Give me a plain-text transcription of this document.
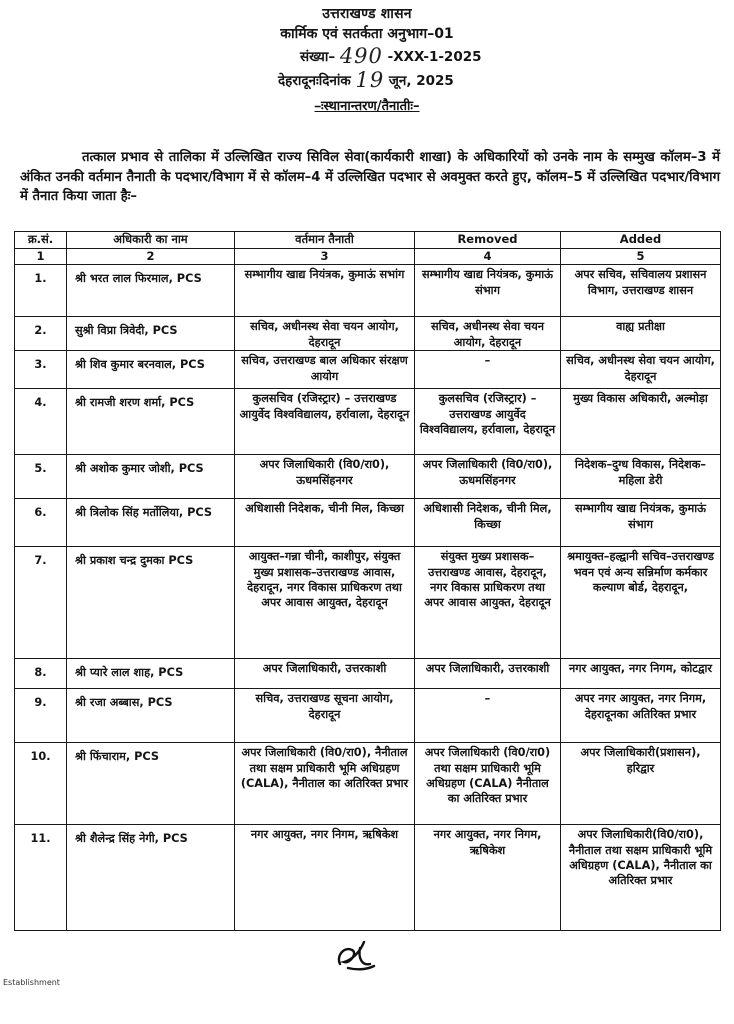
उत्तराखण्ड शासन
कार्मिक एवं सतर्कता अनुभाग–01
संख्या– 490 -XXX-1-2025
देहरादूनःदिनांक 19 जून, 2025
–ःस्थानान्तरण/तैनातीः–
तत्काल प्रभाव से तालिका में उल्लिखित राज्य सिविल सेवा(कार्यकारी शाखा) के अधिकारियों को उनके नाम के सम्मुख कॉलम–3 में अंकित उनकी वर्तमान तैनाती के पदभार/विभाग में से कॉलम–4 में उल्लिखित पदभार से अवमुक्त करते हुए, कॉलम–5 में उल्लिखित पदभार/विभाग में तैनात किया जाता हैः–
क्र.सं.	अधिकारी का नाम	वर्तमान तैनाती	Removed	Added
1	2	3	4	5
1.	श्री भरत लाल फिरमाल, PCS	सम्भागीय खाद्य नियंत्रक, कुमाऊं सभांग	सम्भागीय खाद्य नियंत्रक, कुमाऊं संभाग	अपर सचिव, सचिवालय प्रशासन विभाग, उत्तराखण्ड शासन
2.	सुश्री विप्रा त्रिवेदी, PCS	सचिव, अधीनस्थ सेवा चयन आयोग, देहरादून	सचिव, अधीनस्थ सेवा चयन आयोग, देहरादून	वाह्य प्रतीक्षा
3.	श्री शिव कुमार बरनवाल, PCS	सचिव, उत्तराखण्ड बाल अधिकार संरक्षण आयोग	–	सचिव, अधीनस्थ सेवा चयन आयोग, देहरादून
4.	श्री रामजी शरण शर्मा, PCS	कुलसचिव (रजिस्ट्रार) – उत्तराखण्ड आयुर्वेद विश्वविद्यालय, हर्रावाला, देहरादून	कुलसचिव (रजिस्ट्रार) – उत्तराखण्ड आयुर्वेद विश्वविद्यालय, हर्रावाला, देहरादून	मुख्य विकास अधिकारी, अल्मोड़ा
5.	श्री अशोक कुमार जोशी, PCS	अपर जिलाधिकारी (वि0/रा0), ऊधमसिंहनगर	अपर जिलाधिकारी (वि0/रा0), ऊधमसिंहनगर	निदेशक–दुग्ध विकास, निदेशक–महिला डेरी
6.	श्री त्रिलोक सिंह मर्तोलिया, PCS	अधिशासी निदेशक, चीनी मिल, किच्छा	अधिशासी निदेशक, चीनी मिल, किच्छा	सम्भागीय खाद्य नियंत्रक, कुमाऊं संभाग
7.	श्री प्रकाश चन्द्र दुमका PCS	आयुक्त–गन्ना चीनी, काशीपुर, संयुक्त मुख्य प्रशासक–उत्तराखण्ड आवास, देहरादून, नगर विकास प्राधिकरण तथा अपर आवास आयुक्त, देहरादून	संयुक्त मुख्य प्रशासक– उत्तराखण्ड आवास, देहरादून, नगर विकास प्राधिकरण तथा अपर आवास आयुक्त, देहरादून	श्रमायुक्त–हल्द्वानी सचिव–उत्तराखण्ड भवन एवं अन्य सन्निर्माण कर्मकार कल्याण बोर्ड, देहरादून,
8.	श्री प्यारे लाल शाह, PCS	अपर जिलाधिकारी, उत्तरकाशी	अपर जिलाधिकारी, उत्तरकाशी	नगर आयुक्त, नगर निगम, कोटद्वार
9.	श्री रजा अब्बास, PCS	सचिव, उत्तराखण्ड सूचना आयोग, देहरादून	–	अपर नगर आयुक्त, नगर निगम, देहरादूनका अतिरिक्त प्रभार
10.	श्री फिंचाराम, PCS	अपर जिलाधिकारी (वि0/रा0), नैनीताल तथा सक्षम प्राधिकारी भूमि अधिग्रहण (CALA), नैनीताल का अतिरिक्त प्रभार	अपर जिलाधिकारी (वि0/रा0) तथा सक्षम प्राधिकारी भूमि अधिग्रहण (CALA) नैनीताल का अतिरिक्त प्रभार	अपर जिलाधिकारी(प्रशासन), हरिद्वार
11.	श्री शैलेन्द्र सिंह नेगी, PCS	नगर आयुक्त, नगर निगम, ऋषिकेश	नगर आयुक्त, नगर निगम, ऋषिकेश	अपर जिलाधिकारी(वि0/रा0), नैनीताल तथा सक्षम प्राधिकारी भूमि अधिग्रहण (CALA), नैनीताल का अतिरिक्त प्रभार
Establishment
